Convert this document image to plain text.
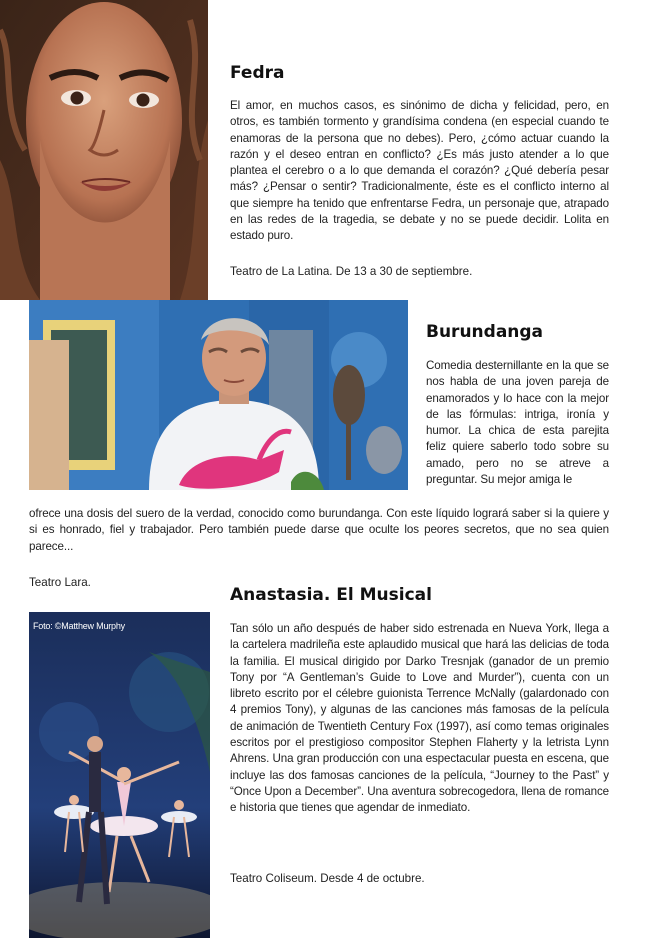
Fedra

El amor, en muchos casos, es sinónimo de dicha y felicidad, pero, en otros, es también tormento y grandísima condena (en especial cuando te enamoras de la persona que no debes). Pero, ¿cómo actuar cuando la razón y el deseo entran en conflicto? ¿Es más justo atender a lo que plantea el cerebro o a lo que demanda el corazón? ¿Qué debería pesar más? ¿Pensar o sentir? Tradicionalmente, éste es el conflicto interno al que siempre ha tenido que enfrentarse Fedra, un personaje que, atrapado en las redes de la tragedia, se debate y no se puede decidir. Lolita en estado puro.

Teatro de La Latina. De 13 a 30 de septiembre.

Burundanga

Comedia desternillante en la que se nos habla de una joven pareja de enamorados y lo hace con la mejor de las fórmulas: intriga, ironía y humor. La chica de esta parejita feliz quiere saberlo todo sobre su amado, pero no se atreve a preguntar. Su mejor amiga le

ofrece una dosis del suero de la verdad, conocido como burundanga. Con este líquido logrará saber si la quiere y si es honrado, fiel y trabajador. Pero también puede darse que oculte los peores secretos, que no sea quien parece...

Teatro Lara.

Foto: ©Matthew Murphy
Anastasia. El Musical

Tan sólo un año después de haber sido estrenada en Nueva York, llega a la cartelera madrileña este aplaudido musical que hará las delicias de toda la familia. El musical dirigido por Darko Tresnjak (ganador de un premio Tony por “A Gentleman’s Guide to Love and Murder”), cuenta con un libreto escrito por el célebre guionista Terrence McNally (galardonado con 4 premios Tony), y algunas de las canciones más famosas de la película de animación de Twentieth Century Fox (1997), así como temas originales escritos por el prestigioso compositor Stephen Flaherty y la letrista Lynn Ahrens. Una gran producción con una espectacular puesta en escena, que incluye las dos famosas canciones de la película, “Journey to the Past” y “Once Upon a December”. Una aventura sobrecogedora, llena de romance e historia que tienes que agendar de inmediato.

Teatro Coliseum. Desde 4 de octubre.
